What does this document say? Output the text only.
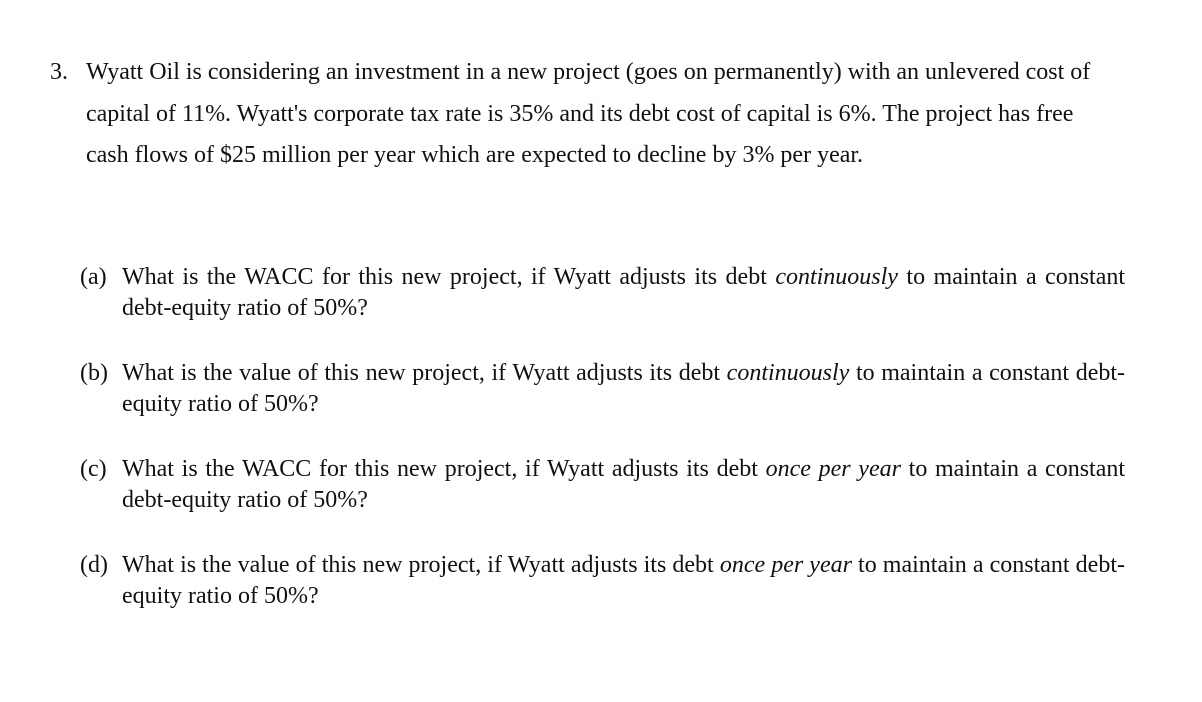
3. Wyatt Oil is considering an investment in a new project (goes on permanently) with an unlevered cost of capital of 11%. Wyatt's corporate tax rate is 35% and its debt cost of capital is 6%. The project has free cash flows of $25 million per year which are expected to decline by 3% per year.
(a) What is the WACC for this new project, if Wyatt adjusts its debt continuously to maintain a constant debt-equity ratio of 50%?
(b) What is the value of this new project, if Wyatt adjusts its debt continuously to maintain a constant debt-equity ratio of 50%?
(c) What is the WACC for this new project, if Wyatt adjusts its debt once per year to maintain a constant debt-equity ratio of 50%?
(d) What is the value of this new project, if Wyatt adjusts its debt once per year to maintain a constant debt-equity ratio of 50%?
